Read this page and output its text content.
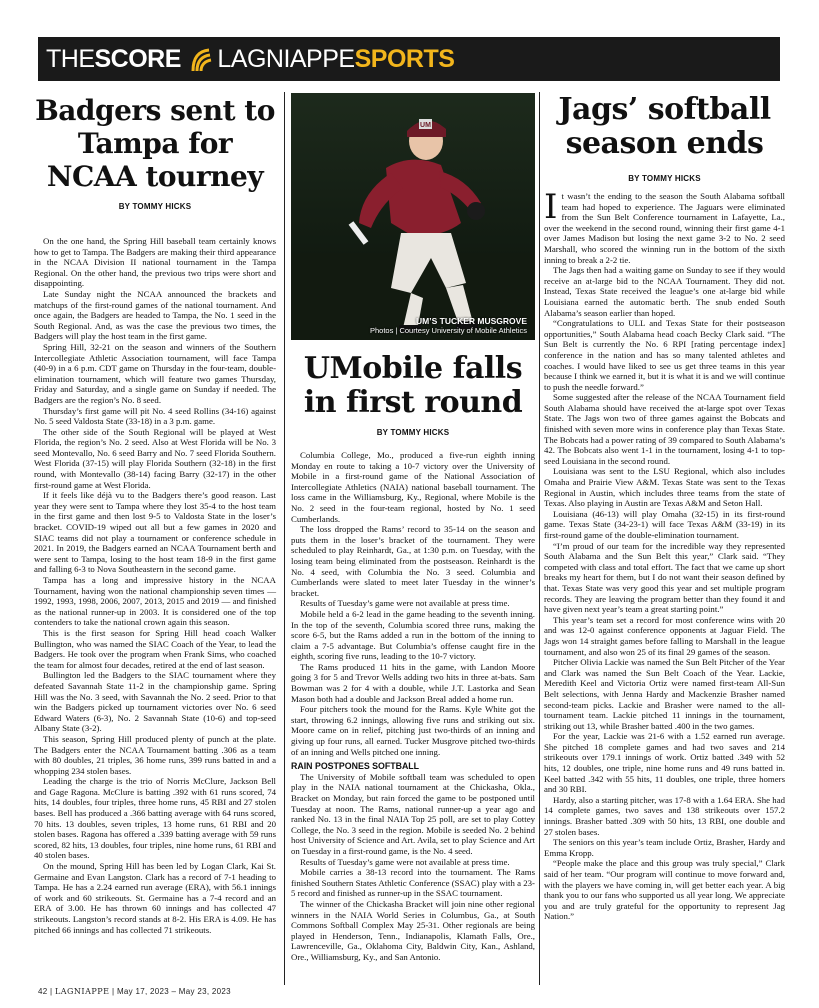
THESCORE LAGNIAPPESPORTS
Badgers sent to Tampa for NCAA tourney
BY TOMMY HICKS

On the one hand, the Spring Hill baseball team certainly knows how to get to Tampa. The Badgers are making their third appearance in the NCAA Division II national tournament in the Tampa Regional. On the other hand, the previous two trips were short and disappointing.

Late Sunday night the NCAA announced the brackets and matchups of the first-round games of the national tournament. And once again, the Badgers are headed to Tampa, the No. 1 seed in the South Regional. And, as was the case the previous two times, the Badgers will play the host team in the first game.

Spring Hill, 32-21 on the season and winners of the Southern Intercollegiate Athletic Association tournament, will face Tampa (40-9) in a 6 p.m. CDT game on Thursday in the four-team, double-elimination tournament, which will feature two games Thursday, Friday and Saturday, and a single game on Sunday if needed. The Badgers are the region’s No. 8 seed.

Thursday’s first game will pit No. 4 seed Rollins (34-16) against No. 5 seed Valdosta State (33-18) in a 3 p.m. game.

The other side of the South Regional will be played at West Florida, the region’s No. 2 seed. Also at West Florida will be No. 3 seed Montevallo, No. 6 seed Barry and No. 7 seed Florida Southern. West Florida (37-15) will play Florida Southern (32-18) in the first round, with Montevallo (38-14) facing Barry (32-17) in the other first-round game at West Florida.

If it feels like déjà vu to the Badgers there’s good reason. Last year they were sent to Tampa where they lost 35-4 to the host team in the first game and then lost 9-5 to Valdosta State in the loser’s bracket. COVID-19 wiped out all but a few games in 2020 and SIAC teams did not play a tournament or conference schedule in 2021. In 2019, the Badgers earned an NCAA Tournament berth and were sent to Tampa, losing to the host team 18-9 in the first game and falling 6-3 to Nova Southeastern in the second game.

Tampa has a long and impressive history in the NCAA Tournament, having won the national championship seven times — 1992, 1993, 1998, 2006, 2007, 2013, 2015 and 2019 — and finished as the national runner-up in 2003. It is considered one of the top contenders to take the national crown again this season.

This is the first season for Spring Hill head coach Walker Bullington, who was named the SIAC Coach of the Year, to lead the Badgers. He took over the program when Frank Sims, who coached the team for almost four decades, retired at the end of last season.

Bullington led the Badgers to the SIAC tournament where they defeated Savannah State 11-2 in the championship game. Spring Hill was the No. 3 seed, with Savannah the No. 2 seed. Prior to that win the Badgers picked up tournament victories over No. 6 seed Edward Waters (6-3), No. 2 Savannah State (10-6) and top-seed Albany State (3-2).

This season, Spring Hill produced plenty of punch at the plate. The Badgers enter the NCAA Tournament batting .306 as a team with 80 doubles, 21 triples, 36 home runs, 399 runs batted in and a whopping 234 stolen bases.

Leading the charge is the trio of Norris McClure, Jackson Bell and Gage Ragona. McClure is batting .392 with 61 runs scored, 74 hits, 14 doubles, four triples, three home runs, 45 RBI and 27 stolen bases. Bell has produced a .366 batting average with 64 runs scored, 70 hits. 13 doubles, seven triples, 13 home runs, 61 RBI and 20 stolen bases. Ragona has offered a .339 batting average with 59 runs scored, 82 hits, 13 doubles, four triples, nine home runs, 61 RBI and 40 stolen bases.

On the mound, Spring Hill has been led by Logan Clark, Kai St. Germaine and Evan Langston. Clark has a record of 7-1 heading to Tampa. He has a 2.24 earned run average (ERA), with 56.1 innings of work and 60 strikeouts. St. Germaine has a 7-4 record and an ERA of 3.00. He has thrown 60 innings and has collected 47 strikeouts. Langston’s record stands at 8-2. His ERA is 4.09. He has pitched 66 innings and has collected 71 strikeouts.

UM
UM’S TUCKER MUSGROVE
Photos | Courtesy University of Mobile Athletics
UMobile falls in first round
BY TOMMY HICKS

Columbia College, Mo., produced a five-run eighth inning Monday en route to taking a 10-7 victory over the University of Mobile in a first-round game of the National Association of Intercollegiate Athletics (NAIA) national baseball tournament. The loss came in the Williamsburg, Ky., Regional, where Mobile is the No. 2 seed in the four-team regional, hosted by No. 1 seed Cumberlands.

The loss dropped the Rams’ record to 35-14 on the season and puts them in the loser’s bracket of the tournament. They were scheduled to play Reinhardt, Ga., at 1:30 p.m. on Tuesday, with the losing team being eliminated from the postseason. Reinhardt is the No. 4 seed, with Columbia the No. 3 seed. Columbia and Cumberlands were slated to meet later Tuesday in the winner’s bracket.

Results of Tuesday’s game were not available at press time.

Mobile held a 6-2 lead in the game heading to the seventh inning. In the top of the seventh, Columbia scored three runs, making the score 6-5, but the Rams added a run in the bottom of the inning to claim a 7-5 advantage. But Columbia’s offense caught fire in the eighth, scoring five runs, leading to the 10-7 victory.

The Rams produced 11 hits in the game, with Landon Moore going 3 for 5 and Trevor Wells adding two hits in three at-bats. Sam Bowman was 2 for 4 with a double, while J.T. Lastorka and Sean Mason both had a double and Jackson Breal added a home run.

Four pitchers took the mound for the Rams. Kyle White got the start, throwing 6.2 innings, allowing five runs and striking out six. Moore came on in relief, pitching just two-thirds of an inning and giving up four runs, all earned. Tucker Musgrove pitched two-thirds of an inning and Wells pitched one inning.

RAIN POSTPONES SOFTBALL

The University of Mobile softball team was scheduled to open play in the NAIA national tournament at the Chickasha, Okla., Bracket on Monday, but rain forced the game to be postponed until Tuesday at noon. The Rams, national runner-up a year ago and ranked No. 13 in the final NAIA Top 25 poll, are set to play Cottey College, the No. 3 seed in the region. Mobile is seeded No. 2 behind host University of Science and Art. Avila, set to play Science and Art on Tuesday in a first-round game, is the No. 4 seed.

Results of Tuesday’s game were not available at press time.

Mobile carries a 38-13 record into the tournament. The Rams finished Southern States Athletic Conference (SSAC) play with a 23-5 record and finished as runner-up in the SSAC tournament.

The winner of the Chickasha Bracket will join nine other regional winners in the NAIA World Series in Columbus, Ga., at South Commons Softball Complex May 25-31. Other regionals are being played in Henderson, Tenn., Indianapolis, Klamath Falls, Ore., Lawrenceville, Ga., Oklahoma City, Baldwin City, Kan., Ashland, Ore., Williamsburg, Ky., and San Antonio.

Jags’ softball season ends
BY TOMMY HICKS

It wasn’t the ending to the season the South Alabama softball team had hoped to experience. The Jaguars were eliminated from the Sun Belt Conference tournament in Lafayette, La., over the weekend in the second round, winning their first game 4-1 over James Madison but losing the next game 3-2 to No. 2 seed Marshall, who scored the winning run in the bottom of the sixth inning to break a 2-2 tie.

The Jags then had a waiting game on Sunday to see if they would receive an at-large bid to the NCAA Tournament. They did not. Instead, Texas State received the league’s one at-large bid while Louisiana earned the automatic berth. The snub ended South Alabama’s season earlier than hoped.

“Congratulations to ULL and Texas State for their postseason opportunities,” South Alabama head coach Becky Clark said. “The Sun Belt is currently the No. 6 RPI [rating percentage index] conference in the nation and has so many talented athletes and coaches. I would have liked to see us get three teams in this year because I think we earned it, but it is what it is and we will continue to push the needle forward.”

Some suggested after the release of the NCAA Tournament field South Alabama should have received the at-large spot over Texas State. The Jags won two of three games against the Bobcats and finished with seven more wins in conference play than Texas State. The Bobcats had a power rating of 39 compared to South Alabama’s 42. The Bobcats also went 1-1 in the tournament, losing 4-1 to top-seed Louisiana in the second round.

Louisiana was sent to the LSU Regional, which also includes Omaha and Prairie View A&M. Texas State was sent to the Texas Regional in Austin, which includes three teams from the state of Texas. Also playing in Austin are Texas A&M and Seton Hall.

Louisiana (46-13) will play Omaha (32-15) in its first-round game. Texas State (34-23-1) will face Texas A&M (33-19) in its first-round game of the double-elimination tournament.

“I’m proud of our team for the incredible way they represented South Alabama and the Sun Belt this year,” Clark said. “They competed with class and total effort. The fact that we came up short breaks my heart for them, but I do not want their season defined by that. Texas State was very good this year and set multiple program records. They are leaving the program better than they found it and have given next year’s team a great starting point.”

This year’s team set a record for most conference wins with 20 and was 12-0 against conference opponents at Jaguar Field. The Jags won 14 straight games before falling to Marshall in the league tournament, and also won 25 of its final 29 games of the season.

Pitcher Olivia Lackie was named the Sun Belt Pitcher of the Year and Clark was named the Sun Belt Coach of the Year. Lackie, Meredith Keel and Victoria Ortiz were named first-team All-Sun Belt selections, with Jenna Hardy and Mackenzie Brasher named second-team picks. Lackie and Brasher were named to the all-tournament team. Lackie pitched 11 innings in the tournament, striking out 13, while Brasher batted .400 in the two games.

For the year, Lackie was 21-6 with a 1.52 earned run average. She pitched 18 complete games and had two saves and 214 strikeouts over 179.1 innings of work. Ortiz batted .349 with 52 hits, 12 doubles, one triple, nine home runs and 49 runs batted in. Keel batted .342 with 55 hits, 11 doubles, one triple, three homers and 30 RBI.

Hardy, also a starting pitcher, was 17-8 with a 1.64 ERA. She had 14 complete games, two saves and 138 strikeouts over 157.2 innings. Brasher batted .309 with 50 hits, 13 RBI, one double and 27 stolen bases.

The seniors on this year’s team include Ortiz, Brasher, Hardy and Emma Kropp.

“People make the place and this group was truly special,” Clark said of her team. “Our program will continue to move forward and, with the players we have coming in, will get better each year. A big thank you to our fans who supported us all year long. We appreciate you and are truly grateful for the opportunity to represent Jag Nation.”

42 | LAGNIAPPE | May 17, 2023 – May 23, 2023
